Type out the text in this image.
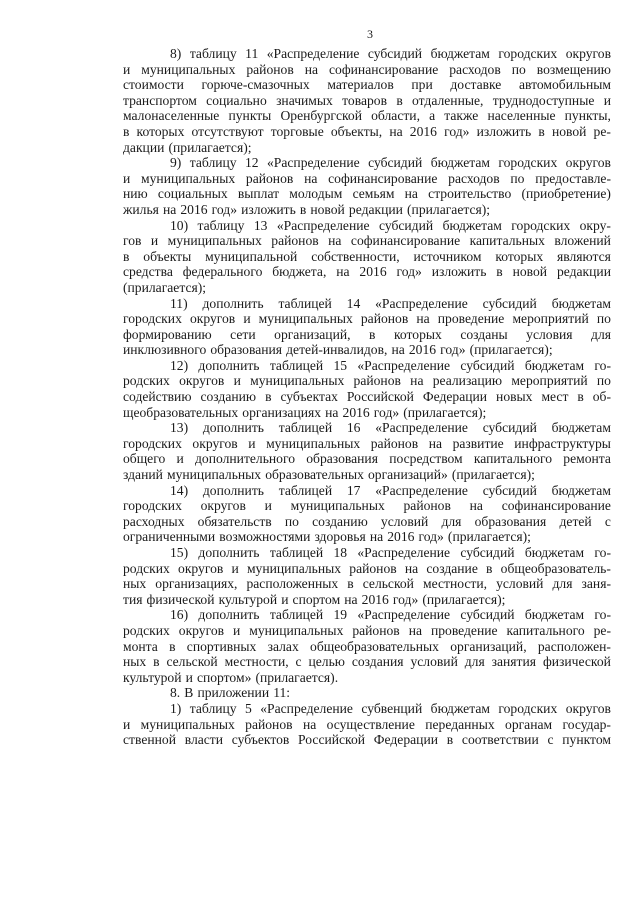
3
8) таблицу 11 «Распределение субсидий бюджетам городских округов
и муниципальных районов на софинансирование расходов по возмещению
стоимости горюче-смазочных материалов при доставке автомобильным
транспортом социально значимых товаров в отдаленные, труднодоступные и
малонаселенные пункты Оренбургской области, а также населенные пункты,
в которых отсутствуют торговые объекты, на 2016 год» изложить в новой ре-
дакции (прилагается);
9) таблицу 12 «Распределение субсидий бюджетам городских округов
и муниципальных районов на софинансирование расходов по предоставле-
нию социальных выплат молодым семьям на строительство (приобретение)
жилья на 2016 год» изложить в новой редакции (прилагается);
10) таблицу 13 «Распределение субсидий бюджетам городских окру-
гов и муниципальных районов на софинансирование капитальных вложений
в объекты муниципальной собственности, источником которых являются
средства федерального бюджета, на 2016 год» изложить в новой редакции
(прилагается);
11) дополнить таблицей 14 «Распределение субсидий бюджетам
городских округов и муниципальных районов на проведение мероприятий по
формированию сети организаций, в которых созданы условия для
инклюзивного образования детей-инвалидов, на 2016 год» (прилагается);
12) дополнить таблицей 15 «Распределение субсидий бюджетам го-
родских округов и муниципальных районов на реализацию мероприятий по
содействию созданию в субъектах Российской Федерации новых мест в об-
щеобразовательных организациях на 2016 год» (прилагается);
13) дополнить таблицей 16 «Распределение субсидий бюджетам
городских округов и муниципальных районов на развитие инфраструктуры
общего и дополнительного образования посредством капитального ремонта
зданий муниципальных образовательных организаций» (прилагается);
14) дополнить таблицей 17 «Распределение субсидий бюджетам
городских округов и муниципальных районов на софинансирование
расходных обязательств по созданию условий для образования детей с
ограниченными возможностями здоровья на 2016 год» (прилагается);
15) дополнить таблицей 18 «Распределение субсидий бюджетам го-
родских округов и муниципальных районов на создание в общеобразователь-
ных организациях, расположенных в сельской местности, условий для заня-
тия физической культурой и спортом на 2016 год» (прилагается);
16) дополнить таблицей 19 «Распределение субсидий бюджетам го-
родских округов и муниципальных районов на проведение капитального ре-
монта в спортивных залах общеобразовательных организаций, расположен-
ных в сельской местности, с целью создания условий для занятия физической
культурой и спортом» (прилагается).
8. В приложении 11:
1) таблицу 5 «Распределение субвенций бюджетам городских округов
и муниципальных районов на осуществление переданных органам государ-
ственной власти субъектов Российской Федерации в соответствии с пунктом
